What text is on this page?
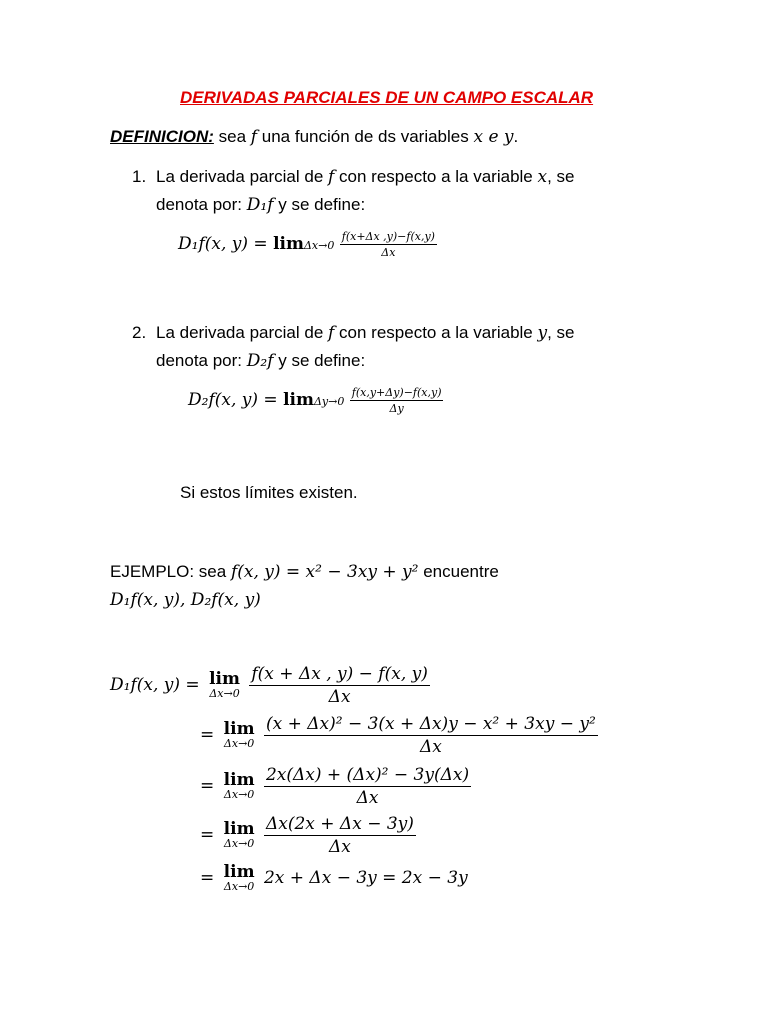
DERIVADAS PARCIALES DE UN CAMPO ESCALAR
DEFINICION: sea f una función de ds variables x e y.
1. La derivada parcial de f con respecto a la variable x, se
denota por: D₁f y se define:
D₁f(x, $y) = \lim\Delta x\to 0 \frac{f(x+\Delta x ,y)-f(x,y)}{\Delta x}$
2. La derivada parcial de f con respecto a la variable y, se
denota por: D₂f y se define:
D₂f(x, $y) = \lim\Delta y\to 0 \frac{f(x,y+\Delta y)-f(x,y)}{\Delta y}$
Si estos límites existen.
EJEMPLO: sea f(x, y) = x² − 3xy + y² encuentre
D₁f(x, y), D₂f(x, y)
D₁f(x, y) = lim
Δx→0
$\frac{f(x + \Delta x , y) - f(x, y)}{\Delta x}$
= lim
Δx→0
$\frac{\text{(x + Δx)² − 3(x + Δx)y − x² + 3xy − y²}}{\Delta x}$
= lim
Δx→0
$\frac{\text{2x(Δx) + (Δx)² − 3y(Δx)}}{\Delta x}$
= lim
Δx→0
$\frac{\Delta x(2x + \Delta x - 3y)}{\Delta x}$
= lim
Δx→0 2x + Δx − 3y = 2x − 3y
